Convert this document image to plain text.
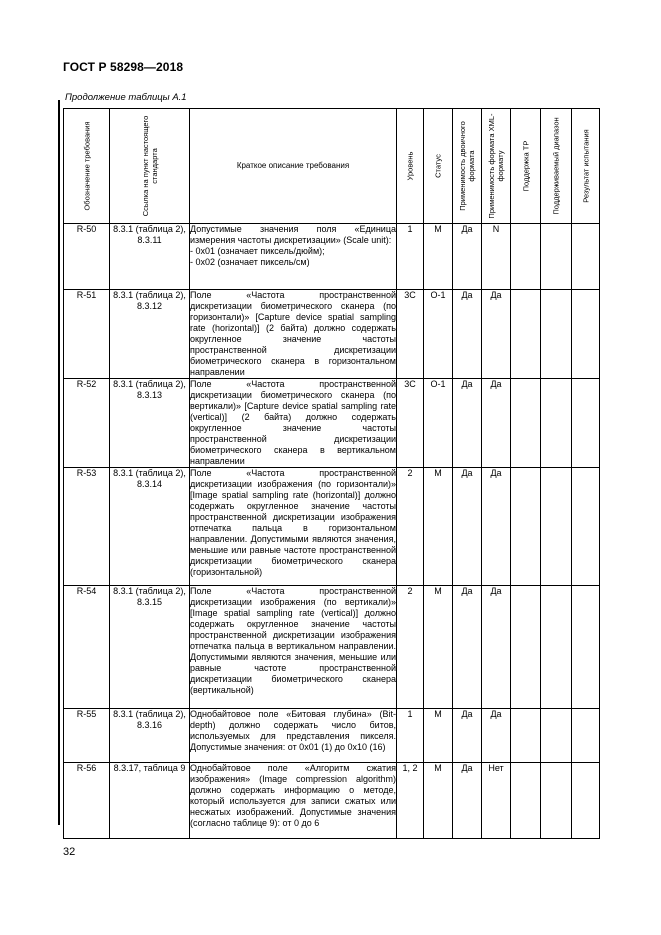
ГОСТ Р 58298—2018
Продолжение таблицы А.1
Обозначение требования	Ссылка на пункт настоящего стандарта	Краткое описание требования	Уровень	Статус	Применимость двоичного формата	Применимость формата XML-формату	Поддержка ТР	Поддерживаемый диапазон	Результат испытания

R-50	8.3.1 (таблица 2), 8.3.11	Допустимые значения поля «Единица измерения частоты дискретизации» (Scale unit):

- 0x01 (означает пиксель/дюйм);

- 0x02 (означает пиксель/см)	1	М	Да	N			
R-51	8.3.1 (таблица 2), 8.3.12	Поле «Частота пространственной дискретизации биометрического сканера (по горизонтали)» [Capture device spatial sampling rate (horizontal)] (2 байта) должно содержать округленное значение частоты пространственной дискретизации биометрического сканера в горизонтальном направлении	3С	О-1	Да	Да			
R-52	8.3.1 (таблица 2), 8.3.13	Поле «Частота пространственной дискретизации биометрического сканера (по вертикали)» [Capture device spatial sampling rate (vertical)] (2 байта) должно содержать округленное значение частоты пространственной дискретизации биометрического сканера в вертикальном направлении	3С	О-1	Да	Да			
R-53	8.3.1 (таблица 2), 8.3.14	Поле «Частота пространственной дискретизации изображения (по горизонтали)» [Image spatial sampling rate (horizontal)] должно содержать округленное значение частоты пространственной дискретизации изображения отпечатка пальца в горизонтальном направлении. Допустимыми являются значения, меньшие или равные частоте пространственной дискретизации биометрического сканера (горизонтальной)	2	М	Да	Да			
R-54	8.3.1 (таблица 2), 8.3.15	Поле «Частота пространственной дискретизации изображения (по вертикали)» [Image spatial sampling rate (vertical)] должно содержать округленное значение частоты пространственной дискретизации изображения отпечатка пальца в вертикальном направлении. Допустимыми являются значения, меньшие или равные частоте пространственной дискретизации биометрического сканера (вертикальной)	2	М	Да	Да			
R-55	8.3.1 (таблица 2), 8.3.16	Однобайтовое поле «Битовая глубина» (Bit-depth) должно содержать число битов, используемых для представления пикселя. Допустимые значения: от 0x01 (1) до 0x10 (16)	1	М	Да	Да			
R-56	8.3.17, таблица 9	Однобайтовое поле «Алгоритм сжатия изображения» (Image compression algorithm) должно содержать информацию о методе, который используется для записи сжатых или несжатых изображений. Допустимые значения (согласно таблице 9): от 0 до 6	1, 2	М	Да	Нет			
32
